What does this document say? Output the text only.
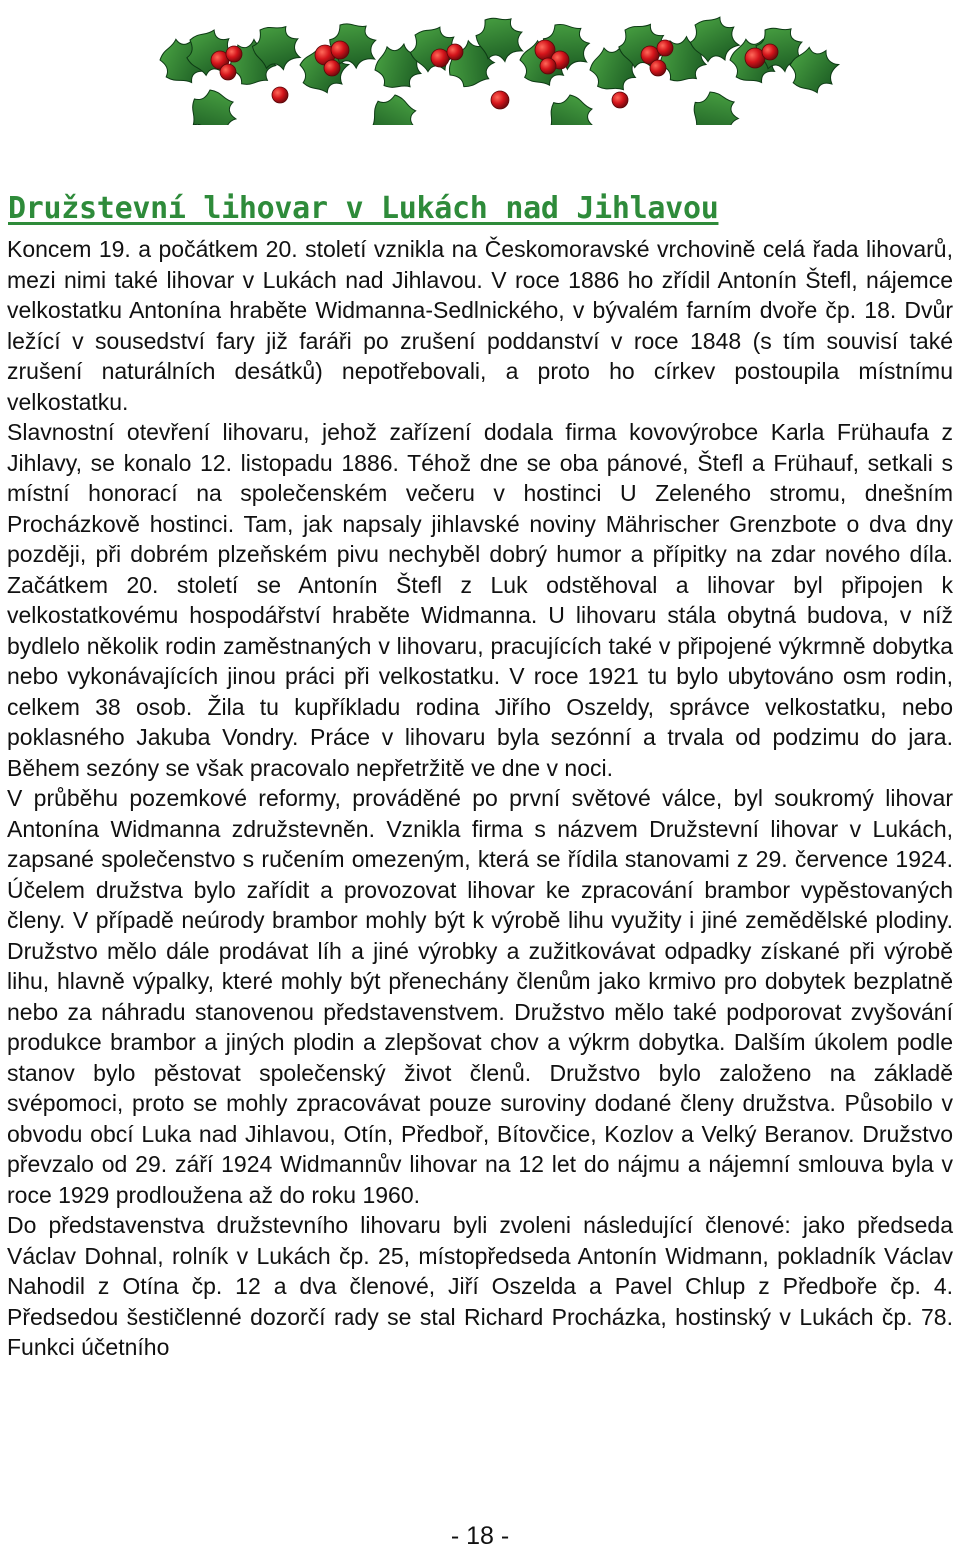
Družstevní lihovar v Lukách nad Jihlavou

Koncem 19. a počátkem 20. století vznikla na Českomoravské vrchovině celá řada lihovarů, mezi nimi také lihovar v Lukách nad Jihlavou. V roce 1886 ho zřídil Antonín Štefl, nájemce velkostatku Antonína hraběte Widmanna-Sedlnického, v bývalém farním dvoře čp. 18. Dvůr ležící v sousedství fary již faráři po zrušení poddanství v roce 1848 (s tím souvisí také zrušení naturálních desátků) nepotřebovali, a proto ho církev postoupila místnímu velkostatku.

Slavnostní otevření lihovaru, jehož zařízení dodala firma kovovýrobce Karla Frühaufa z Jihlavy, se konalo 12. listopadu 1886. Téhož dne se oba pánové, Štefl a Frühauf, setkali s místní honorací na společenském večeru v hostinci U Zeleného stromu, dnešním Procházkově hostinci. Tam, jak napsaly jihlavské noviny Mährischer Grenzbote o dva dny později, při dobrém plzeňském pivu nechyběl dobrý humor a přípitky na zdar nového díla. Začátkem 20. století se Antonín Štefl z Luk odstěhoval a lihovar byl připojen k velkostatkovému hospodářství hraběte Widmanna. U lihovaru stála obytná budova, v níž bydlelo několik rodin zaměstnaných v lihovaru, pracujících také v připojené výkrmně dobytka nebo vykonávajících jinou práci při velkostatku. V roce 1921 tu bylo ubytováno osm rodin, celkem 38 osob. Žila tu kupříkladu rodina Jiřího Oszeldy, správce velkostatku, nebo poklasného Jakuba Vondry. Práce v lihovaru byla sezónní a trvala od podzimu do jara. Během sezóny se však pracovalo nepřetržitě ve dne v noci.

V průběhu pozemkové reformy, prováděné po první světové válce, byl soukromý lihovar Antonína Widmanna združstevněn. Vznikla firma s názvem Družstevní lihovar v Lukách, zapsané společenstvo s ručením omezeným, která se řídila stanovami z 29. července 1924. Účelem družstva bylo zařídit a provozovat lihovar ke zpracování brambor vypěstovaných členy. V případě neúrody brambor mohly být k výrobě lihu využity i jiné zemědělské plodiny. Družstvo mělo dále prodávat líh a jiné výrobky a zužitkovávat odpadky získané při výrobě lihu, hlavně výpalky, které mohly být přenechány členům jako krmivo pro dobytek bezplatně nebo za náhradu stanovenou představenstvem. Družstvo mělo také podporovat zvyšování produkce brambor a jiných plodin a zlepšovat chov a výkrm dobytka. Dalším úkolem podle stanov bylo pěstovat společenský život členů. Družstvo bylo založeno na základě svépomoci, proto se mohly zpracovávat pouze suroviny dodané členy družstva. Působilo v obvodu obcí Luka nad Jihlavou, Otín, Předboř, Bítovčice, Kozlov a Velký Beranov. Družstvo převzalo od 29. září 1924 Widmannův lihovar na 12 let do nájmu a nájemní smlouva byla v roce 1929 prodloužena až do roku 1960.

Do představenstva družstevního lihovaru byli zvoleni následující členové: jako předseda Václav Dohnal, rolník v Lukách čp. 25, místopředseda Antonín Widmann, pokladník Václav Nahodil z Otína čp. 12 a dva členové, Jiří Oszelda a Pavel Chlup z Předboře čp. 4. Předsedou šestičlenné dozorčí rady se stal Richard Procházka, hostinský v Lukách čp. 78. Funkci účetního

- 18 -
